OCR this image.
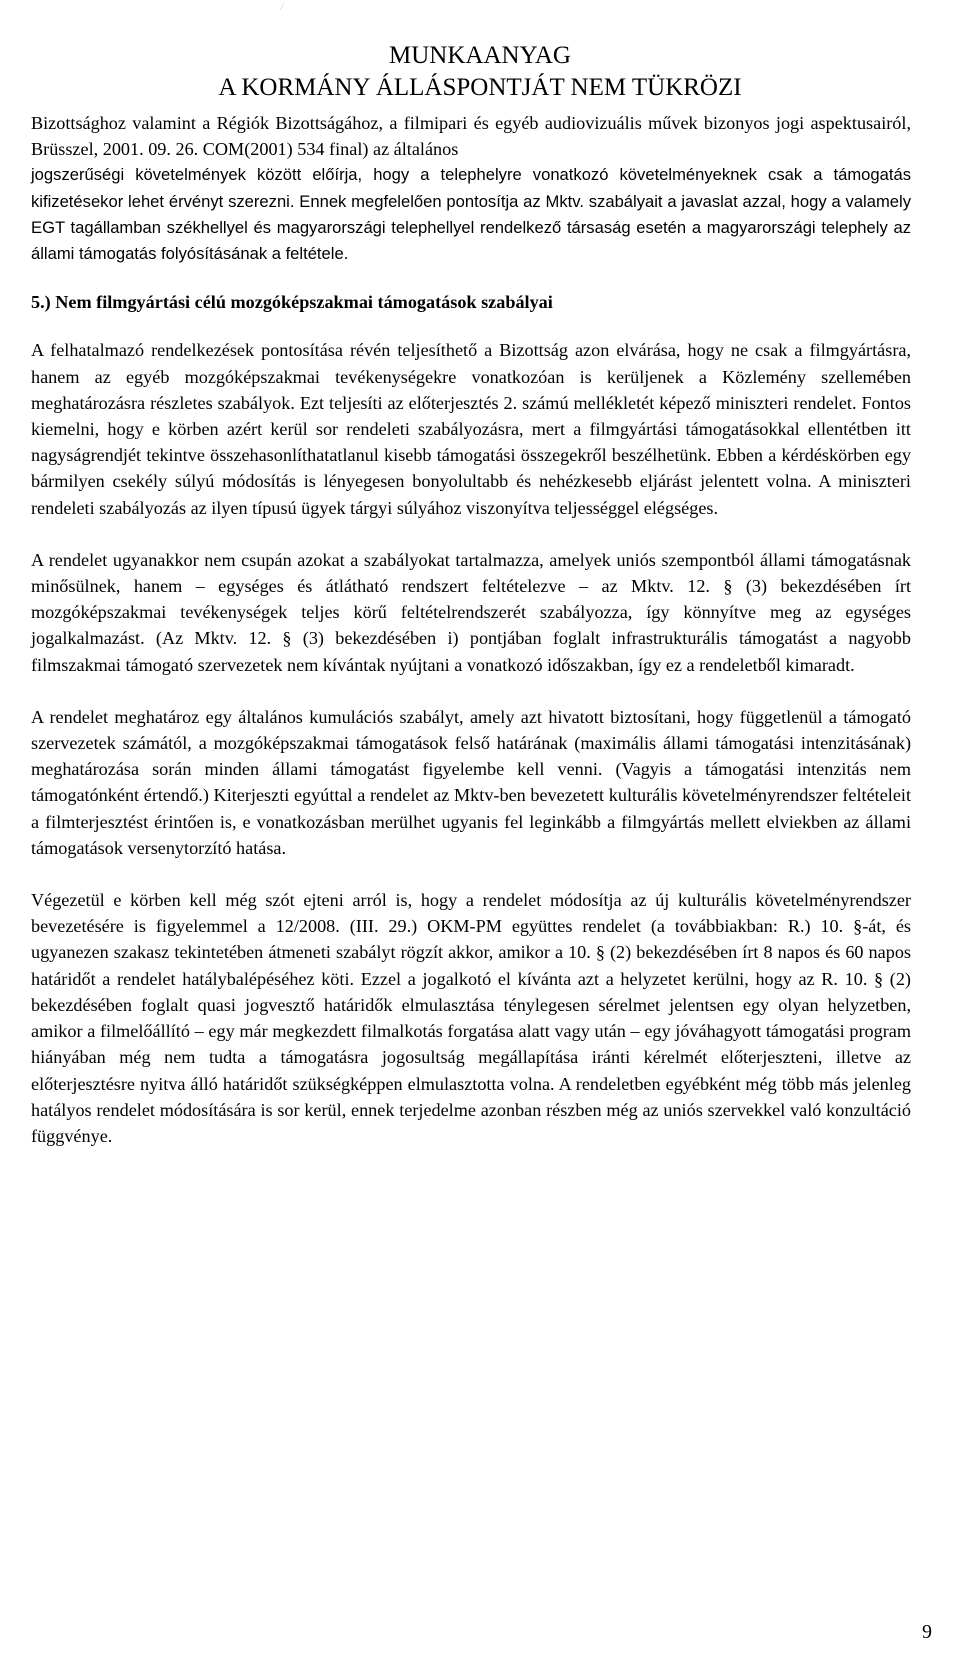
⁄
MUNKAANYAG
A KORMÁNY ÁLLÁSPONTJÁT NEM TÜKRÖZI

Bizottsághoz valamint a Régiók Bizottságához, a filmipari és egyéb audiovizuális művek bizonyos jogi aspektusairól, Brüsszel, 2001. 09. 26. COM(2001) 534 final) az általános

jogszerűségi követelmények között előírja, hogy a telephelyre vonatkozó követelményeknek csak a támogatás kifizetésekor lehet érvényt szerezni. Ennek megfelelően pontosítja az Mktv. szabályait a javaslat azzal, hogy a valamely EGT tagállamban székhellyel és magyarországi telephellyel rendelkező társaság esetén a magyarországi telephely az állami támogatás folyósításának a feltétele.

5.) Nem filmgyártási célú mozgóképszakmai támogatások szabályai

A felhatalmazó rendelkezések pontosítása révén teljesíthető a Bizottság azon elvárása, hogy ne csak a filmgyártásra, hanem az egyéb mozgóképszakmai tevékenységekre vonatkozóan is kerüljenek a Közlemény szellemében meghatározásra részletes szabályok. Ezt teljesíti az előterjesztés 2. számú mellékletét képező miniszteri rendelet. Fontos kiemelni, hogy e körben azért kerül sor rendeleti szabályozásra, mert a filmgyártási támogatásokkal ellentétben itt nagyságrendjét tekintve összehasonlíthatatlanul kisebb támogatási összegekről beszélhetünk. Ebben a kérdéskörben egy bármilyen csekély súlyú módosítás is lényegesen bonyolultabb és nehézkesebb eljárást jelentett volna. A miniszteri rendeleti szabályozás az ilyen típusú ügyek tárgyi súlyához viszonyítva teljességgel elégséges.

A rendelet ugyanakkor nem csupán azokat a szabályokat tartalmazza, amelyek uniós szempontból állami támogatásnak minősülnek, hanem – egységes és átlátható rendszert feltételezve – az Mktv. 12. § (3) bekezdésében írt mozgóképszakmai tevékenységek teljes körű feltételrendszerét szabályozza, így könnyítve meg az egységes jogalkalmazást. (Az Mktv. 12. § (3) bekezdésében i) pontjában foglalt infrastrukturális támogatást a nagyobb filmszakmai támogató szervezetek nem kívántak nyújtani a vonatkozó időszakban, így ez a rendeletből kimaradt.

A rendelet meghatároz egy általános kumulációs szabályt, amely azt hivatott biztosítani, hogy függetlenül a támogató szervezetek számától, a mozgóképszakmai támogatások felső határának (maximális állami támogatási intenzitásának) meghatározása során minden állami támogatást figyelembe kell venni. (Vagyis a támogatási intenzitás nem támogatónként értendő.) Kiterjeszti egyúttal a rendelet az Mktv-ben bevezetett kulturális követelményrendszer feltételeit a filmterjesztést érintően is, e vonatkozásban merülhet ugyanis fel leginkább a filmgyártás mellett elviekben az állami támogatások versenytorzító hatása.

Végezetül e körben kell még szót ejteni arról is, hogy a rendelet módosítja az új kulturális követelményrendszer bevezetésére is figyelemmel a 12/2008. (III. 29.) OKM-PM együttes rendelet (a továbbiakban: R.) 10. §-át, és ugyanezen szakasz tekintetében átmeneti szabályt rögzít akkor, amikor a 10. § (2) bekezdésében írt 8 napos és 60 napos határidőt a rendelet hatálybalépéséhez köti. Ezzel a jogalkotó el kívánta azt a helyzetet kerülni, hogy az R. 10. § (2) bekezdésében foglalt quasi jogvesztő határidők elmulasztása ténylegesen sérelmet jelentsen egy olyan helyzetben, amikor a filmelőállító – egy már megkezdett filmalkotás forgatása alatt vagy után – egy jóváhagyott támogatási program hiányában még nem tudta a támogatásra jogosultság megállapítása iránti kérelmét előterjeszteni, illetve az előterjesztésre nyitva álló határidőt szükségképpen elmulasztotta volna. A rendeletben egyébként még több más jelenleg hatályos rendelet módosítására is sor kerül, ennek terjedelme azonban részben még az uniós szervekkel való konzultáció függvénye.

9
